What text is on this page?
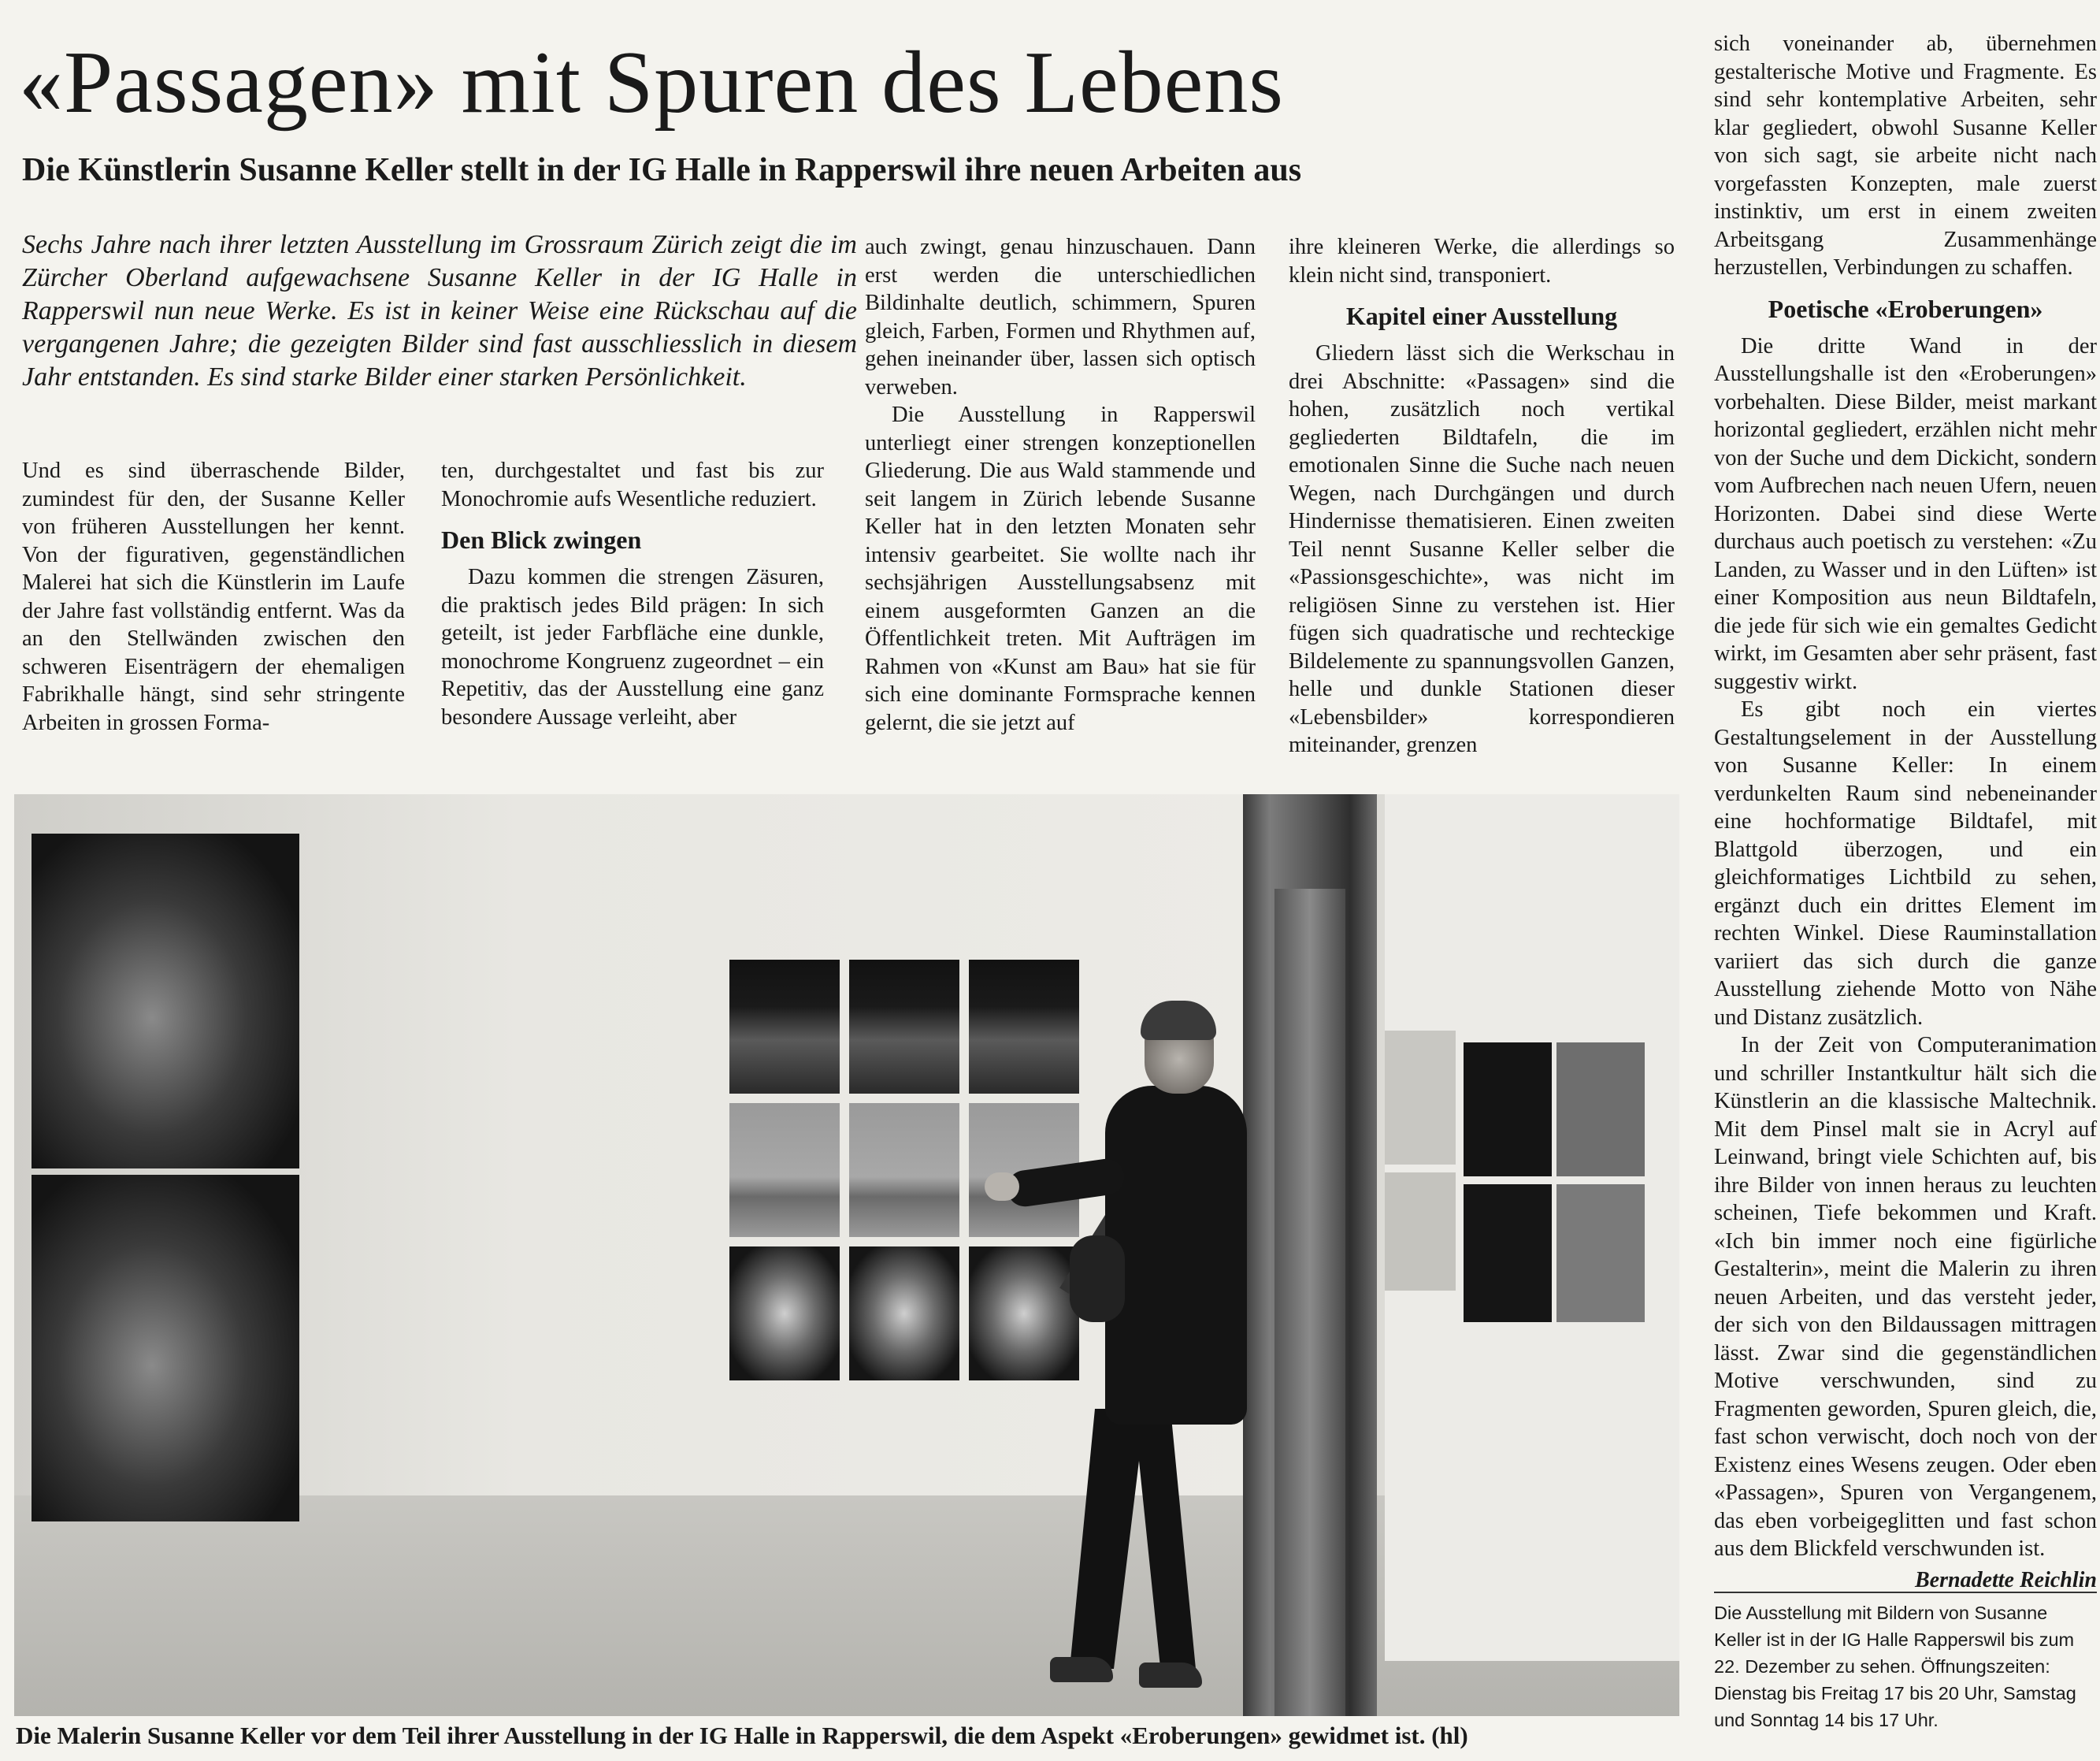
«Passagen» mit Spuren des Lebens
Die Künstlerin Susanne Keller stellt in der IG Halle in Rapperswil ihre neuen Arbeiten aus

Sechs Jahre nach ihrer letzten Ausstellung im Grossraum Zürich zeigt die im Zürcher Oberland aufgewachsene Susanne Keller in der IG Halle in Rapperswil nun neue Werke. Es ist in keiner Weise eine Rückschau auf die vergangenen Jahre; die gezeigten Bilder sind fast ausschliesslich in diesem Jahr entstanden. Es sind starke Bilder einer starken Persönlichkeit.

Und es sind überraschende Bilder, zumindest für den, der Susanne Keller von früheren Ausstellungen her kennt. Von der figurativen, gegenständlichen Malerei hat sich die Künstlerin im Laufe der Jahre fast vollständig entfernt. Was da an den Stellwänden zwischen den schweren Eisenträgern der ehemaligen Fabrikhalle hängt, sind sehr stringente Arbeiten in grossen Forma-

ten, durchgestaltet und fast bis zur Monochromie aufs Wesentliche reduziert.

Den Blick zwingen

Dazu kommen die strengen Zäsuren, die praktisch jedes Bild prägen: In sich geteilt, ist jeder Farbfläche eine dunkle, monochrome Kongruenz zugeordnet – ein Repetitiv, das der Ausstellung eine ganz besondere Aussage verleiht, aber

auch zwingt, genau hinzuschauen. Dann erst werden die unterschiedlichen Bildinhalte deutlich, schimmern, Spuren gleich, Farben, Formen und Rhythmen auf, gehen ineinander über, lassen sich optisch verweben.

Die Ausstellung in Rapperswil unterliegt einer strengen konzeptionellen Gliederung. Die aus Wald stammende und seit langem in Zürich lebende Susanne Keller hat in den letzten Monaten sehr intensiv gearbeitet. Sie wollte nach ihr sechsjährigen Ausstellungsabsenz mit einem ausgeformten Ganzen an die Öffentlichkeit treten. Mit Aufträgen im Rahmen von «Kunst am Bau» hat sie für sich eine dominante Formsprache kennen gelernt, die sie jetzt auf

ihre kleineren Werke, die allerdings so klein nicht sind, transponiert.

Kapitel einer Ausstellung

Gliedern lässt sich die Werkschau in drei Abschnitte: «Passagen» sind die hohen, zusätzlich noch vertikal gegliederten Bildtafeln, die im emotionalen Sinne die Suche nach neuen Wegen, nach Durchgängen und durch Hindernisse thematisieren. Einen zweiten Teil nennt Susanne Keller selber die «Passionsgeschichte», was nicht im religiösen Sinne zu verstehen ist. Hier fügen sich quadratische und rechteckige Bildelemente zu spannungsvollen Ganzen, helle und dunkle Stationen dieser «Lebensbilder» korrespondieren miteinander, grenzen

sich voneinander ab, übernehmen gestalterische Motive und Fragmente. Es sind sehr kontemplative Arbeiten, sehr klar gegliedert, obwohl Susanne Keller von sich sagt, sie arbeite nicht nach vorgefassten Konzepten, male zuerst instinktiv, um erst in einem zweiten Arbeitsgang Zusammenhänge herzustellen, Verbindungen zu schaffen.

Poetische «Eroberungen»

Die dritte Wand in der Ausstellungshalle ist den «Eroberungen» vorbehalten. Diese Bilder, meist markant horizontal gegliedert, erzählen nicht mehr von der Suche und dem Dickicht, sondern vom Aufbrechen nach neuen Ufern, neuen Horizonten. Dabei sind diese Werte durchaus auch poetisch zu verstehen: «Zu Landen, zu Wasser und in den Lüften» ist einer Komposition aus neun Bildtafeln, die jede für sich wie ein gemaltes Gedicht wirkt, im Gesamten aber sehr präsent, fast suggestiv wirkt.

Es gibt noch ein viertes Gestaltungselement in der Ausstellung von Susanne Keller: In einem verdunkelten Raum sind nebeneinander eine hochformatige Bildtafel, mit Blattgold überzogen, und ein gleichformatiges Lichtbild zu sehen, ergänzt duch ein drittes Element im rechten Winkel. Diese Rauminstallation variiert das sich durch die ganze Ausstellung ziehende Motto von Nähe und Distanz zusätzlich.

In der Zeit von Computeranimation und schriller Instantkultur hält sich die Künstlerin an die klassische Maltechnik. Mit dem Pinsel malt sie in Acryl auf Leinwand, bringt viele Schichten auf, bis ihre Bilder von innen heraus zu leuchten scheinen, Tiefe bekommen und Kraft. «Ich bin immer noch eine figürliche Gestalterin», meint die Malerin zu ihren neuen Arbeiten, und das versteht jeder, der sich von den Bildaussagen mittragen lässt. Zwar sind die gegenständlichen Motive verschwunden, sind zu Fragmenten geworden, Spuren gleich, die, fast schon verwischt, doch noch von der Existenz eines Wesens zeugen. Oder eben «Passagen», Spuren von Vergangenem, das eben vorbeigeglitten und fast schon aus dem Blickfeld verschwunden ist.

Bernadette Reichlin
Die Ausstellung mit Bildern von Susanne Keller ist in der IG Halle Rapperswil bis zum 22. Dezember zu sehen. Öffnungszeiten: Dienstag bis Freitag 17 bis 20 Uhr, Samstag und Sonntag 14 bis 17 Uhr.
Die Malerin Susanne Keller vor dem Teil ihrer Ausstellung in der IG Halle in Rapperswil, die dem Aspekt «Eroberungen» gewidmet ist. (hl)
